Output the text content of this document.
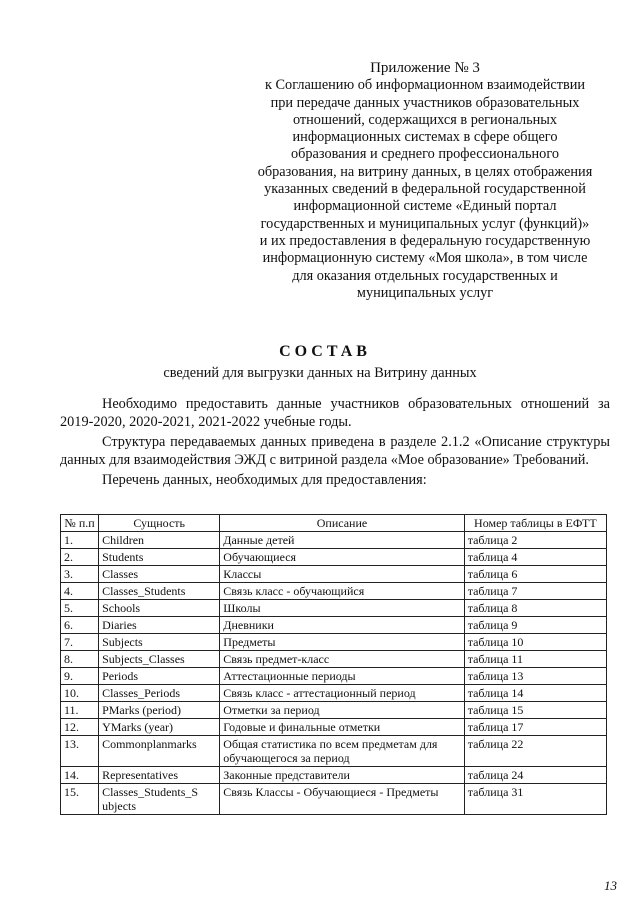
Приложение № 3
к Соглашению об информационном взаимодействии
при передаче данных участников образовательных
отношений, содержащихся в региональных
информационных системах в сфере общего
образования и среднего профессионального
образования, на витрину данных, в целях отображения
указанных сведений в федеральной государственной
информационной системе «Единый портал
государственных и муниципальных услуг (функций)»
и их предоставления в федеральную государственную
информационную систему «Моя школа», в том числе
для оказания отдельных государственных и
муниципальных услуг
СОСТАВ
сведений для выгрузки данных на Витрину данных

Необходимо предоставить данные участников образовательных отношений за 2019-2020, 2020-2021, 2021-2022 учебные годы.

Структура передаваемых данных приведена в разделе 2.1.2 «Описание структуры данных для взаимодействия ЭЖД с витриной раздела «Мое образование» Требований.

Перечень данных, необходимых для предоставления:

№ п.п	Сущность	Описание	Номер таблицы в ЕФТТ
1.	Children	Данные детей	таблица 2
2.	Students	Обучающиеся	таблица 4
3.	Classes	Классы	таблица 6
4.	Classes_Students	Связь класс - обучающийся	таблица 7
5.	Schools	Школы	таблица 8
6.	Diaries	Дневники	таблица 9
7.	Subjects	Предметы	таблица 10
8.	Subjects_Classes	Связь предмет-класс	таблица 11
9.	Periods	Аттестационные периоды	таблица 13
10.	Classes_Periods	Связь класс - аттестационный период	таблица 14
11.	PMarks (period)	Отметки за период	таблица 15
12.	YMarks (year)	Годовые и финальные отметки	таблица 17
13.	Commonplanmarks	Общая статистика по всем предметам для обучающегося за период	таблица 22
14.	Representatives	Законные представители	таблица 24
15.	Classes_Students_S ubjects	Связь Классы - Обучающиеся - Предметы	таблица 31
13
